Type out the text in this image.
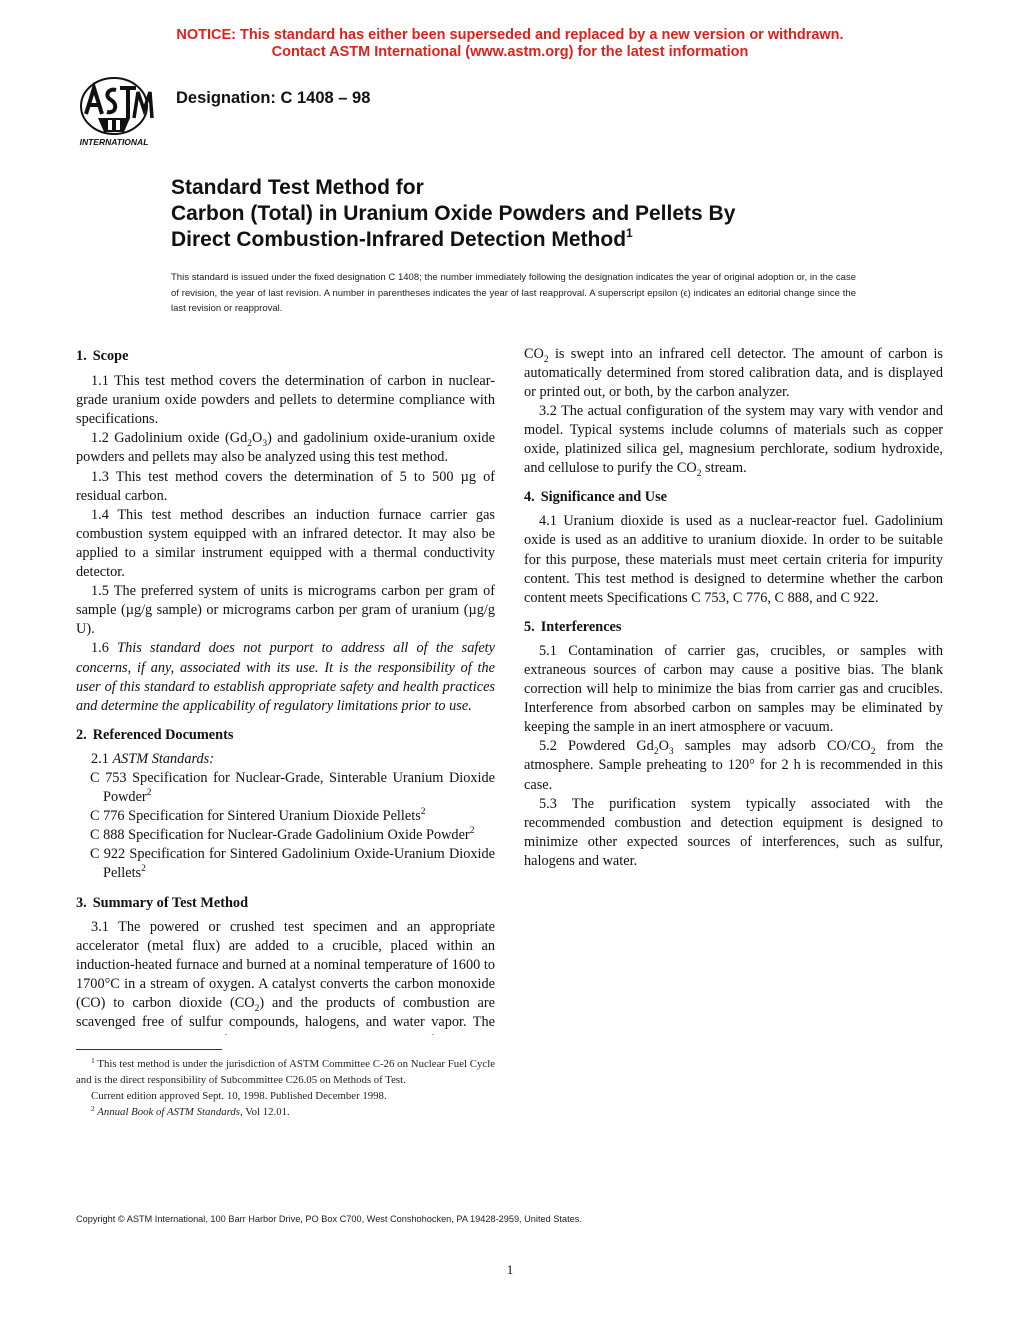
NOTICE: This standard has either been superseded and replaced by a new version or withdrawn.
Contact ASTM International (www.astm.org) for the latest information
INTERNATIONAL
Designation: C 1408 – 98
Standard Test Method for
Carbon (Total) in Uranium Oxide Powders and Pellets By
Direct Combustion-Infrared Detection Method$^1$
This standard is issued under the fixed designation C 1408; the number immediately following the designation indicates the year of original adoption or, in the case of revision, the year of last revision. A number in parentheses indicates the year of last reapproval. A superscript epsilon (ϵ) indicates an editorial change since the last revision or reapproval.
1. Scope

1.1 This test method covers the determination of carbon in nuclear-grade uranium oxide powders and pellets to determine compliance with specifications.

1.2 Gadolinium oxide $(Gd_2O_3)$ and gadolinium oxide-uranium oxide powders and pellets may also be analyzed using this test method.

1.3 This test method covers the determination of 5 to 500 µg of residual carbon.

1.4 This test method describes an induction furnace carrier gas combustion system equipped with an infrared detector. It may also be applied to a similar instrument equipped with a thermal conductivity detector.

1.5 The preferred system of units is micrograms carbon per gram of sample (µg/g sample) or micrograms carbon per gram of uranium (µg/g U).

1.6 This standard does not purport to address all of the safety concerns, if any, associated with its use. It is the responsibility of the user of this standard to establish appropriate safety and health practices and determine the applicability of regulatory limitations prior to use.

2. Referenced Documents

2.1 ASTM Standards:

C 753 Specification for Nuclear-Grade, Sinterable Uranium Dioxide Powder$^2$

C 776 Specification for Sintered Uranium Dioxide Pellets$^2$

C 888 Specification for Nuclear-Grade Gadolinium Oxide Powder$^2$

C 922 Specification for Sintered Gadolinium Oxide-Uranium Dioxide Pellets$^2$

3. Summary of Test Method

3.1 The powered or crushed test specimen and an appropriate accelerator (metal flux) are added to a crucible, placed within an induction-heated furnace and burned at a nominal temperature of 1600 to 1700°C in a stream of oxygen. A catalyst converts the carbon monoxide (CO) to carbon dioxide $(CO_2)$ and the products of combustion are scavenged free of sulfur compounds, halogens, and water vapor. The

$CO_2$ is swept into an infrared cell detector. The amount of carbon is automatically determined from stored calibration data, and is displayed or printed out, or both, by the carbon analyzer.

3.2 The actual configuration of the system may vary with vendor and model. Typical systems include columns of materials such as copper oxide, platinized silica gel, magnesium perchlorate, sodium hydroxide, and cellulose to purify the $CO_2$ stream.

4. Significance and Use

4.1 Uranium dioxide is used as a nuclear-reactor fuel. Gadolinium oxide is used as an additive to uranium dioxide. In order to be suitable for this purpose, these materials must meet certain criteria for impurity content. This test method is designed to determine whether the carbon content meets Specifications C 753, C 776, C 888, and C 922.

5. Interferences

5.1 Contamination of carrier gas, crucibles, or samples with extraneous sources of carbon may cause a positive bias. The blank correction will help to minimize the bias from carrier gas and crucibles. Interference from absorbed carbon on samples may be eliminated by keeping the sample in an inert atmosphere or vacuum.

5.2 Powdered $Gd_2O_3$ samples may adsorb $CO/CO_2$ from the atmosphere. Sample preheating to 120° for 2 h is recommended in this case.

5.3 The purification system typically associated with the recommended combustion and detection equipment is designed to minimize other expected sources of interferences, such as sulfur, halogens and water.

$^1$ This test method is under the jurisdiction of ASTM Committee C-26 on Nuclear Fuel Cycle and is the direct responsibility of Subcommittee C26.05 on Methods of Test.

Current edition approved Sept. 10, 1998. Published December 1998.

$^2$ Annual Book of ASTM Standards, Vol 12.01.

Copyright © ASTM International, 100 Barr Harbor Drive, PO Box C700, West Conshohocken, PA 19428-2959, United States.
1
